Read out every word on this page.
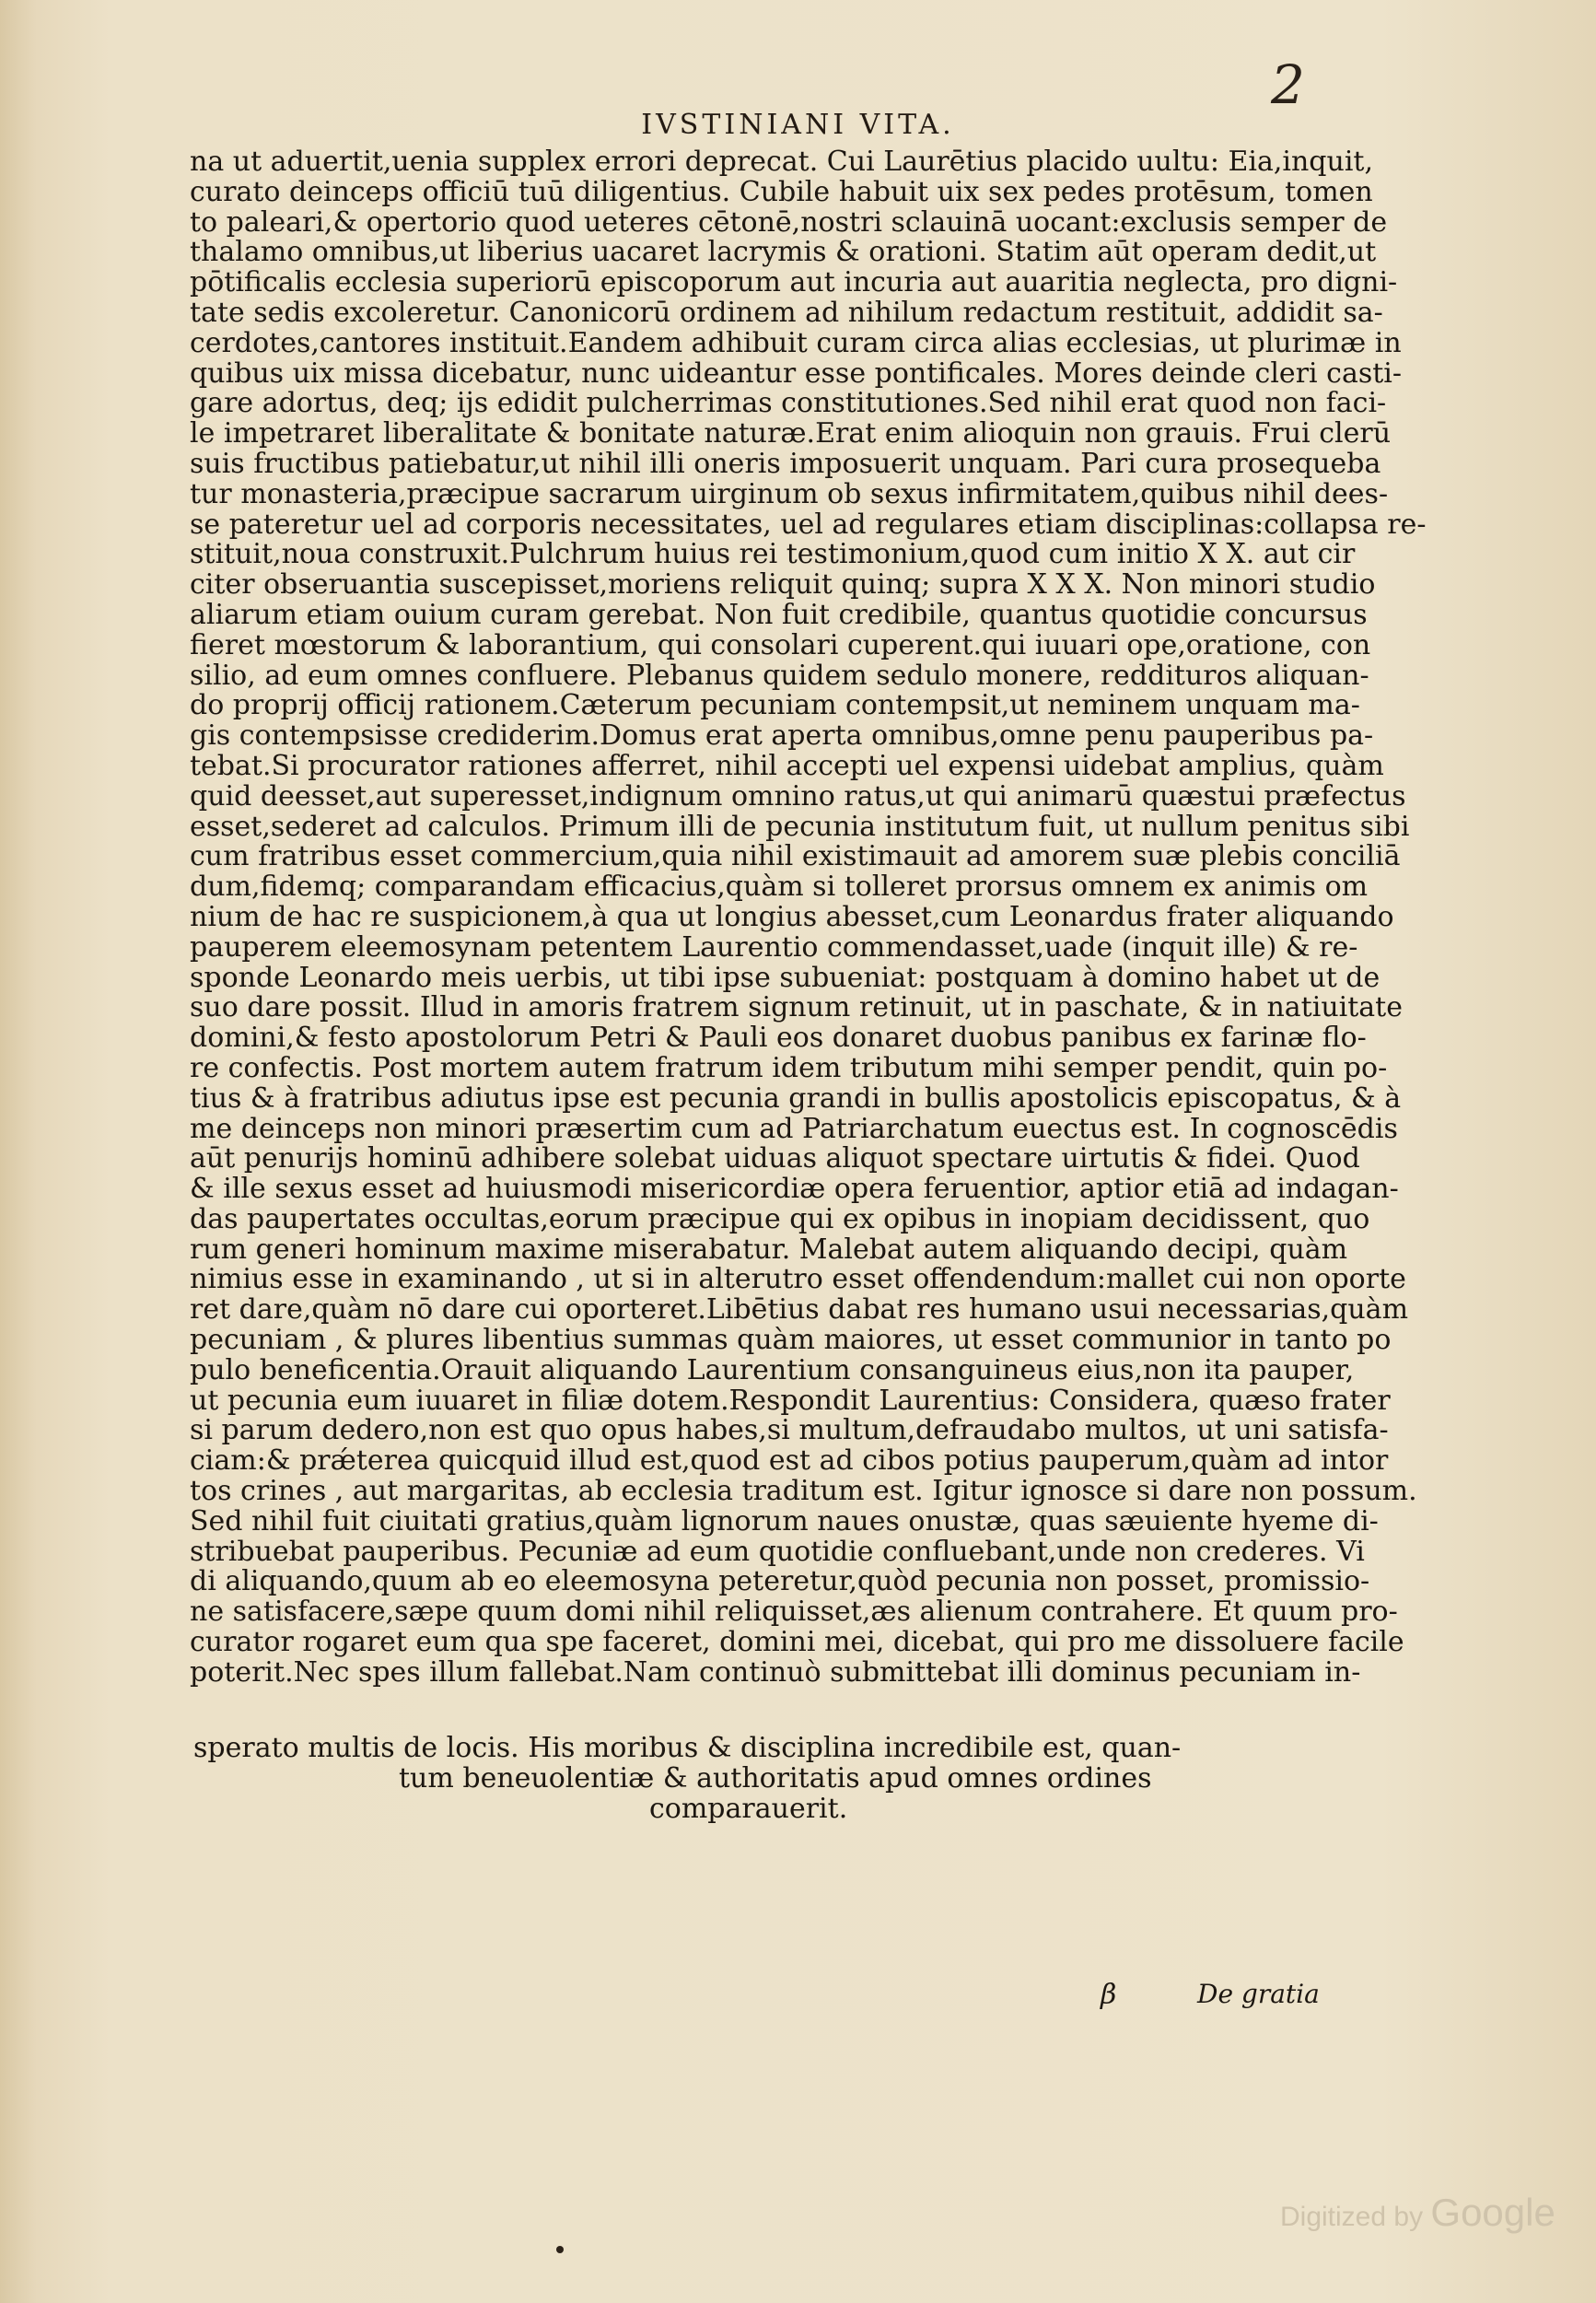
2
IVSTINIANI VITA.
na ut aduertit,uenia supplex errori deprecat. Cui Laurētius placido uultu: Eia,inquit,
curato deinceps officiū tuū diligentius. Cubile habuit uix sex pedes protēsum, tomen
to paleari,& opertorio quod ueteres cētonē,nostri sclauinā uocant:exclusis semper de
thalamo omnibus,ut liberius uacaret lacrymis & orationi. Statim aūt operam dedit,ut
pōtificalis ecclesia superiorū episcoporum aut incuria aut auaritia neglecta, pro digni-
tate sedis excoleretur. Canonicorū ordinem ad nihilum redactum restituit, addidit sa-
cerdotes,cantores instituit.Eandem adhibuit curam circa alias ecclesias, ut plurimæ in
quibus uix missa dicebatur, nunc uideantur esse pontificales. Mores deinde cleri casti-
gare adortus, deq; ijs edidit pulcherrimas constitutiones.Sed nihil erat quod non faci-
le impetraret liberalitate & bonitate naturæ.Erat enim alioquin non grauis. Frui clerū
suis fructibus patiebatur,ut nihil illi oneris imposuerit unquam. Pari cura prosequeba
tur monasteria,præcipue sacrarum uirginum ob sexus infirmitatem,quibus nihil dees-
se pateretur uel ad corporis necessitates, uel ad regulares etiam disciplinas:collapsa re-
stituit,noua construxit.Pulchrum huius rei testimonium,quod cum initio X X. aut cir
citer obseruantia suscepisset,moriens reliquit quinq; supra X X X. Non minori studio
aliarum etiam ouium curam gerebat. Non fuit credibile, quantus quotidie concursus
fieret mœstorum & laborantium, qui consolari cuperent.qui iuuari ope,oratione, con
silio, ad eum omnes confluere. Plebanus quidem sedulo monere, reddituros aliquan-
do proprij officij rationem.Cæterum pecuniam contempsit,ut neminem unquam ma-
gis contempsisse crediderim.Domus erat aperta omnibus,omne penu pauperibus pa-
tebat.Si procurator rationes afferret, nihil accepti uel expensi uidebat amplius, quàm
quid deesset,aut superesset,indignum omnino ratus,ut qui animarū quæstui præfectus
esset,sederet ad calculos. Primum illi de pecunia institutum fuit, ut nullum penitus sibi
cum fratribus esset commercium,quia nihil existimauit ad amorem suæ plebis conciliā
dum,fidemq; comparandam efficacius,quàm si tolleret prorsus omnem ex animis om
nium de hac re suspicionem,à qua ut longius abesset,cum Leonardus frater aliquando
pauperem eleemosynam petentem Laurentio commendasset,uade (inquit ille) & re-
sponde Leonardo meis uerbis, ut tibi ipse subueniat: postquam à domino habet ut de
suo dare possit. Illud in amoris fratrem signum retinuit, ut in paschate, & in natiuitate
domini,& festo apostolorum Petri & Pauli eos donaret duobus panibus ex farinæ flo-
re confectis. Post mortem autem fratrum idem tributum mihi semper pendit, quin po-
tius & à fratribus adiutus ipse est pecunia grandi in bullis apostolicis episcopatus, & à
me deinceps non minori præsertim cum ad Patriarchatum euectus est. In cognoscēdis
aūt penurijs hominū adhibere solebat uiduas aliquot spectare uirtutis & fidei. Quod
& ille sexus esset ad huiusmodi misericordiæ opera feruentior, aptior etiā ad indagan-
das paupertates occultas,eorum præcipue qui ex opibus in inopiam decidissent, quo
rum generi hominum maxime miserabatur. Malebat autem aliquando decipi, quàm
nimius esse in examinando , ut si in alterutro esset offendendum:mallet cui non oporte
ret dare,quàm nō dare cui oporteret.Libētius dabat res humano usui necessarias,quàm
pecuniam , & plures libentius summas quàm maiores, ut esset communior in tanto po
pulo beneficentia.Orauit aliquando Laurentium consanguineus eius,non ita pauper,
ut pecunia eum iuuaret in filiæ dotem.Respondit Laurentius: Considera, quæso frater
si parum dedero,non est quo opus habes,si multum,defraudabo multos, ut uni satisfa-
ciam:& prǽterea quicquid illud est,quod est ad cibos potius pauperum,quàm ad intor
tos crines , aut margaritas, ab ecclesia traditum est. Igitur ignosce si dare non possum.
Sed nihil fuit ciuitati gratius,quàm lignorum naues onustæ, quas sæuiente hyeme di-
stribuebat pauperibus. Pecuniæ ad eum quotidie confluebant,unde non crederes. Vi
di aliquando,quum ab eo eleemosyna peteretur,quòd pecunia non posset, promissio-
ne satisfacere,sæpe quum domi nihil reliquisset,æs alienum contrahere. Et quum pro-
curator rogaret eum qua spe faceret, domini mei, dicebat, qui pro me dissoluere facile
poterit.Nec spes illum fallebat.Nam continuò submittebat illi dominus pecuniam in-
sperato multis de locis. His moribus & disciplina incredibile est, quan-
tum beneuolentiæ & authoritatis apud omnes ordines
comparauerit.
β	De gratia
Digitized by Google
